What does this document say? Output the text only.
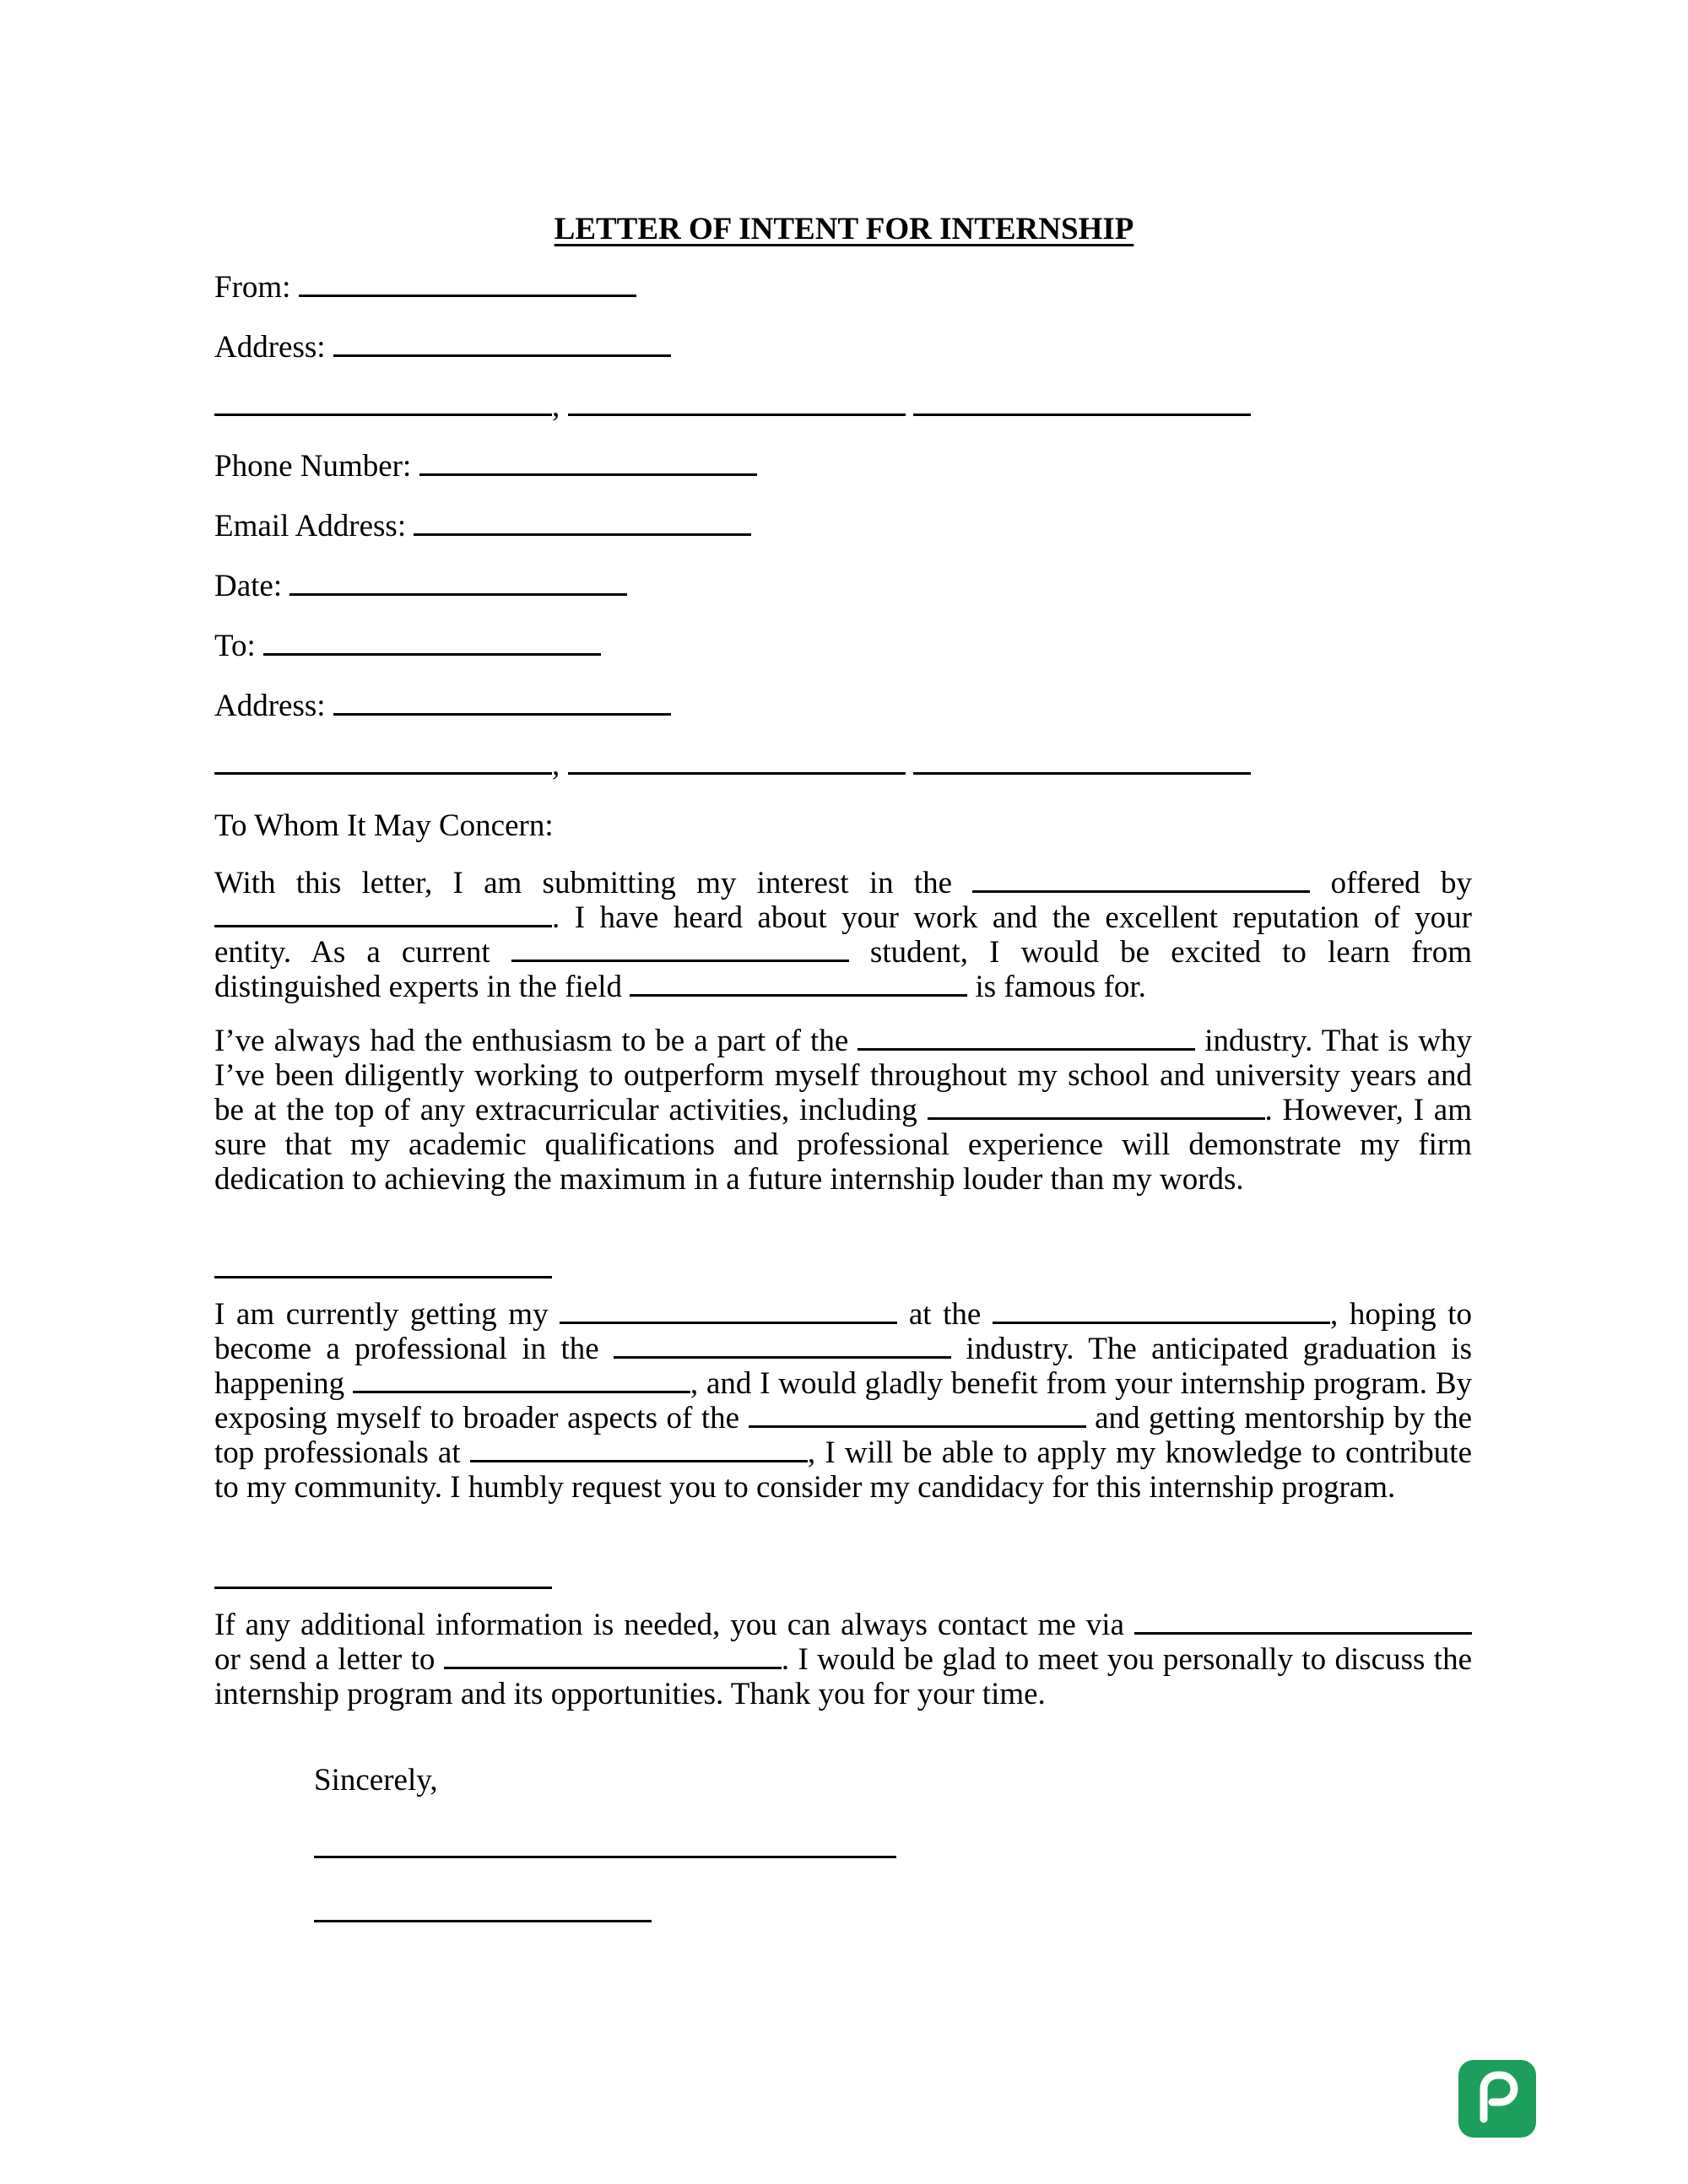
LETTER OF INTENT FOR INTERNSHIP
From:
Address:
,
Phone Number:
Email Address:
Date:
To:
Address:
,
To Whom It May Concern:

With this letter, I am submitting my interest in the	offered by . I have heard about your work and the excellent reputation of your entity. As a current	student, I would be excited to learn from distinguished experts in the field	is famous for.

I’ve always had the enthusiasm to be a part of the	industry. That is why I’ve been diligently working to outperform myself throughout my school and university years and be at the top of any extracurricular activities, including	. However, I am sure that my academic qualifications and professional experience will demonstrate my firm dedication to achieving the maximum in a future internship louder than my words.

I am currently getting my	at the	, hoping to become a professional in the	industry. The anticipated graduation is happening	, and I would gladly benefit from your internship program. By exposing myself to broader aspects of the	and getting mentorship by the top professionals at	, I will be able to apply my knowledge to contribute to my community. I humbly request you to consider my candidacy for this internship program.

If any additional information is needed, you can always contact me via  or send a letter to	. I would be glad to meet you personally to discuss the internship program and its opportunities. Thank you for your time.

Sincerely,
